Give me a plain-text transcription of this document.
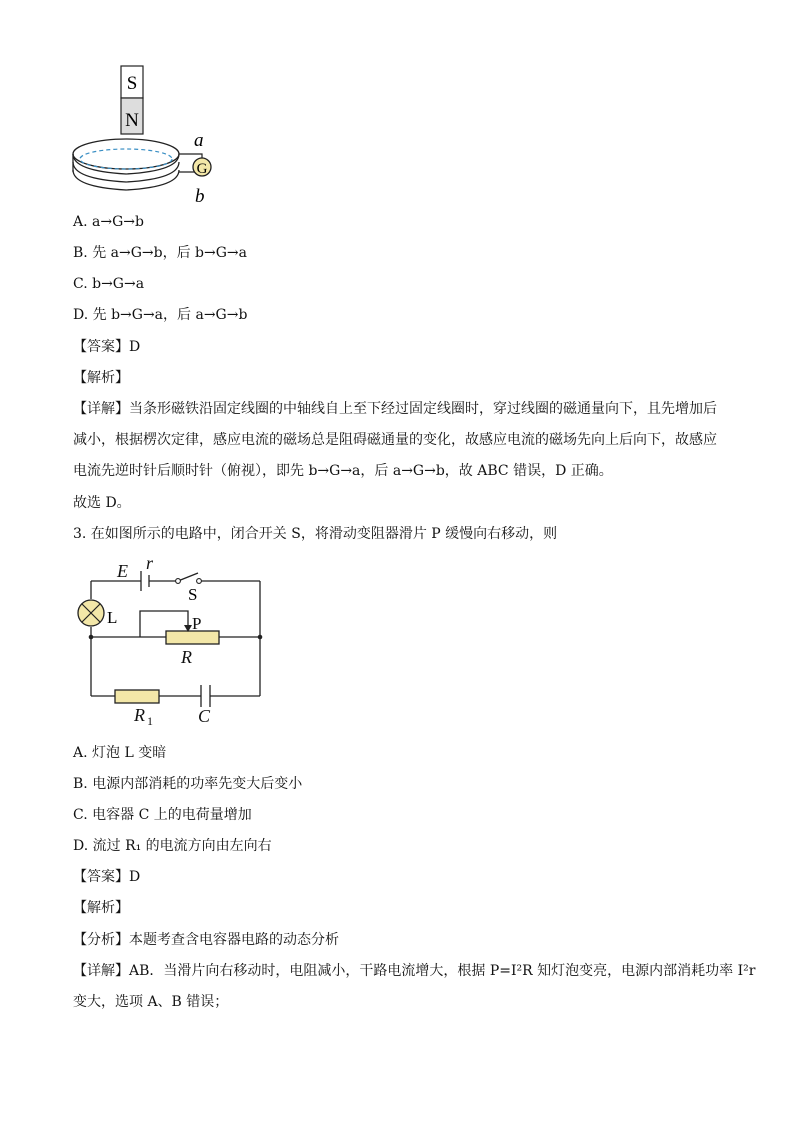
S
N
G
a
b
A. a→G→b
B. 先 a→G→b，后 b→G→a
C. b→G→a
D. 先 b→G→a，后 a→G→b
【答案】D
【解析】
【详解】当条形磁铁沿固定线圈的中轴线自上至下经过固定线圈时，穿过线圈的磁通量向下，且先增加后
减小，根据楞次定律，感应电流的磁场总是阻碍磁通量的变化，故感应电流的磁场先向上后向下，故感应
电流先逆时针后顺时针（俯视），即先 b→G→a，后 a→G→b，故 ABC 错误，D 正确。
故选 D。
3. 在如图所示的电路中，闭合开关 S，将滑动变阻器滑片 P 缓慢向右移动，则
E r
P
R
R 1	C
S
L
A. 灯泡 L 变暗
B. 电源内部消耗的功率先变大后变小
C. 电容器 C 上的电荷量增加
D. 流过 R₁ 的电流方向由左向右
【答案】D
【解析】
【分析】本题考查含电容器电路的动态分析
【详解】AB．当滑片向右移动时，电阻减小，干路电流增大，根据 P=I²R 知灯泡变亮，电源内部消耗功率 I²r
变大，选项 A、B 错误；
